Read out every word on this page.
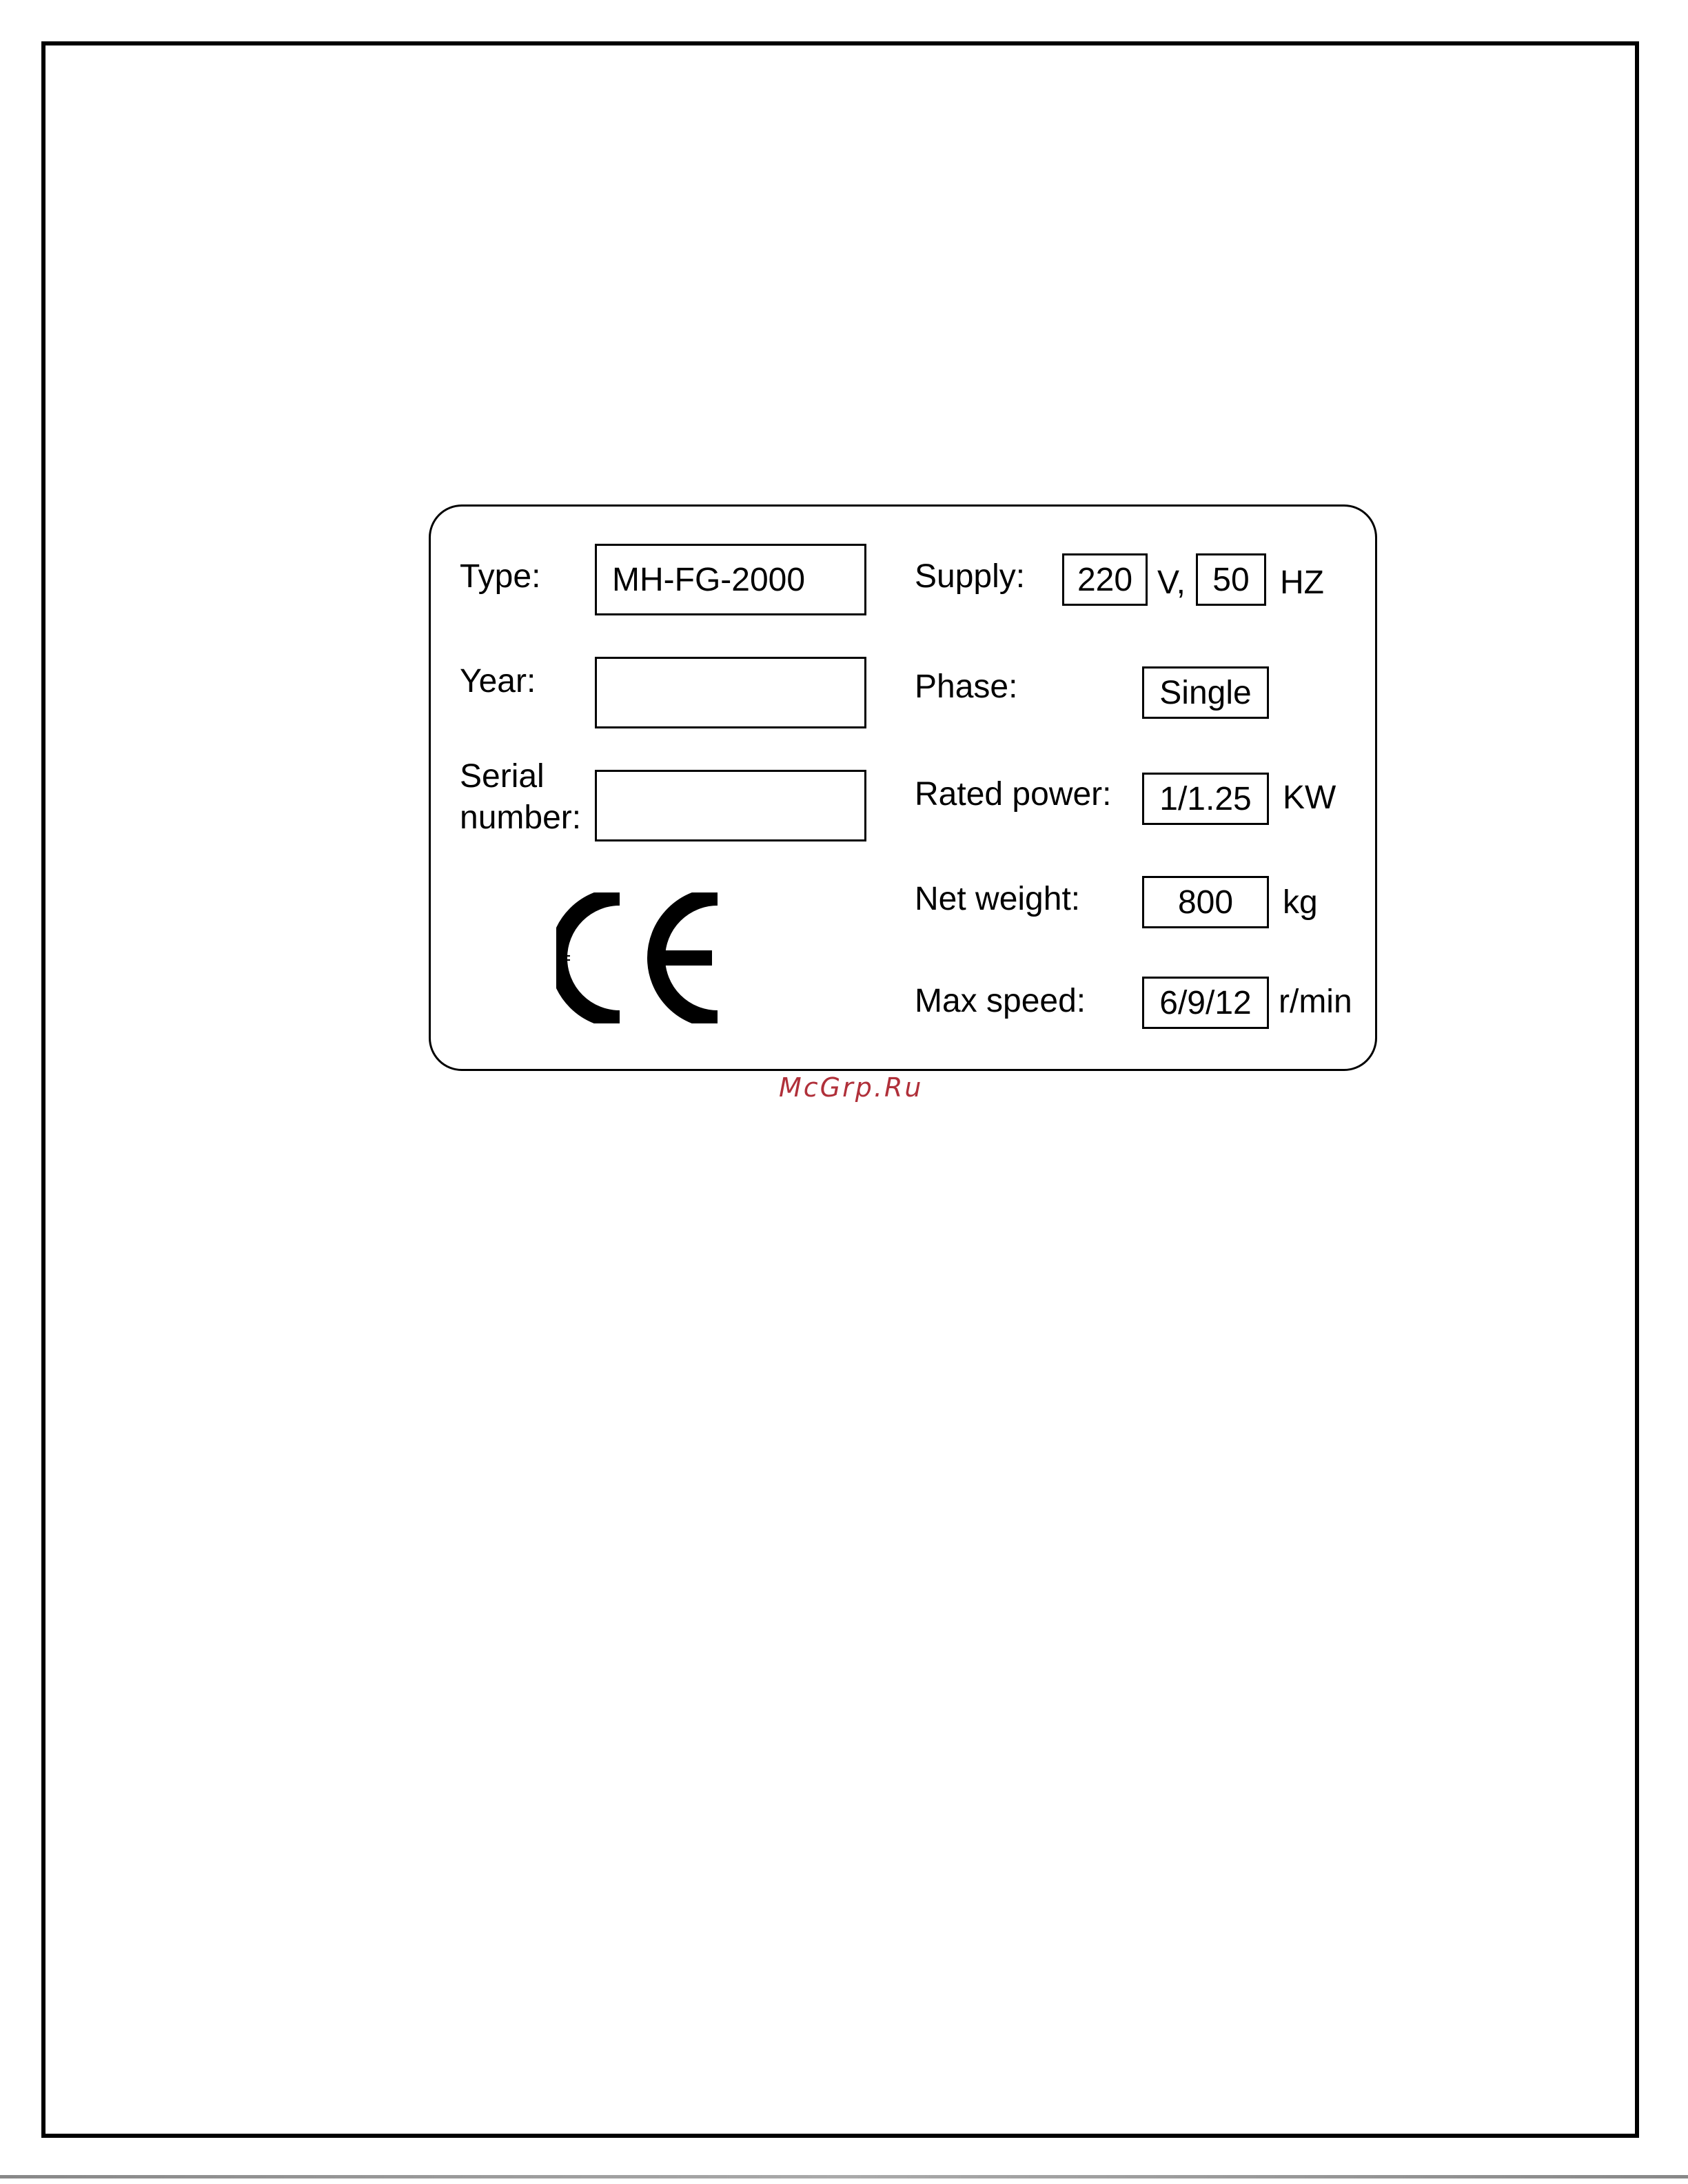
Type: MH-FG-2000
Year:
Serial
number:
Supply: 220 V, 50 HZ
Phase:	Single
Rated power: 1/1.25 KW
Net weight:	800 kg
Max speed: 6/9/12 r/min
McGrp.Ru
